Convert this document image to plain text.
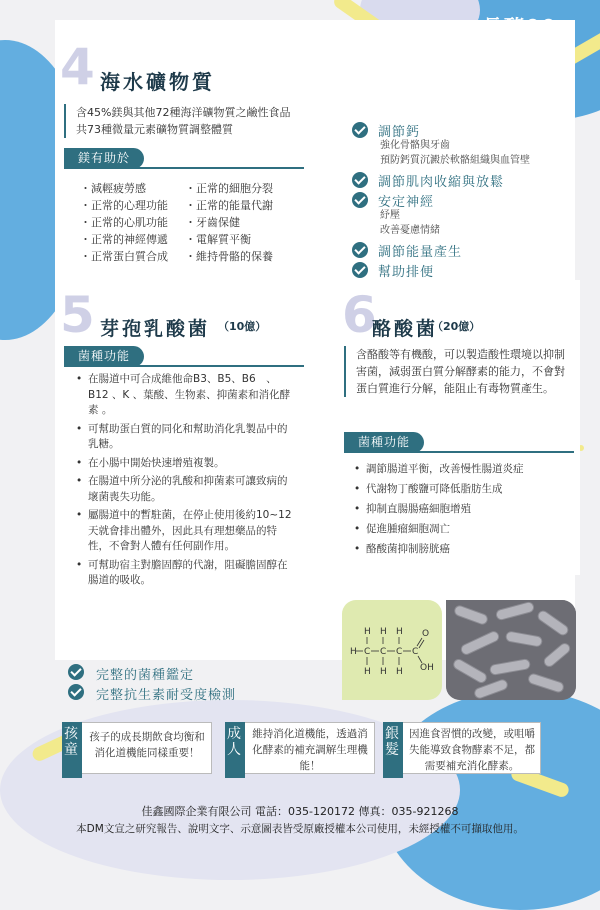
長酵99
有酵益菌
4 海水礦物質
含45%鎂與其他72種海洋礦物質之鹼性食品
共73種微量元素礦物質調整體質
鎂有助於
・減輕疲勞感
・正常的心理功能
・正常的心肌功能
・正常的神經傳遞
・正常蛋白質合成
・正常的細胞分裂
・正常的能量代謝
・牙齒保健
・電解質平衡
・維持骨骼的保養
調節鈣
強化骨骼與牙齒
預防鈣質沉澱於軟骼組織與血管壁
調節肌肉收縮與放鬆
安定神經
紓壓
改善憂慮情緒
調節能量產生
幫助排便
5 芽孢乳酸菌 （10億）
菌種功能
• 在腸道中可合成維他命B3、B5、B6　、B12 、K 、葉酸、生物素、抑菌素和消化酵素 。
• 可幫助蛋白質的同化和幫助消化乳製品中的乳糖。
• 在小腸中開始快速增殖複製。
• 在腸道中所分泌的乳酸和抑菌素可讓致病的壞菌喪失功能。
• 屬腸道中的暫駐菌，在停止使用後約10~12天就會排出體外，因此具有理想藥品的特性，不會對人體有任何副作用。
• 可幫助宿主對膽固醇的代謝，阻礙膽固醇在腸道的吸收。
6
酪酸菌
（20億）
含酪酸等有機酸，可以製造酸性環境以抑制害菌，減弱蛋白質分解酵素的能力，不會對蛋白質進行分解，能阻止有毒物質產生。
菌種功能
• 調節腸道平衡，改善慢性腸道炎症
• 代謝物丁酸鹽可降低脂肪生成
• 抑制直腸腸癌細胞增殖
• 促進腫瘤細胞凋亡
• 酪酸菌抑制膀胱癌
H H H
H C C C C
H H H
O
OH
完整的菌種鑑定
完整抗生素耐受度檢測
孩童
孩子的成長期飲食均衡和消化道機能同樣重要！
成人
維持消化道機能，透過消化酵素的補充調解生理機能！
銀髮
因進食習慣的改變，或咀嚼失能導致食物酵素不足，都需要補充消化酵素。
佳鑫國際企業有限公司 電話：035-120172 傳真：035-921268
本DM文宣之研究報告、說明文字、示意圖表皆受原廠授權本公司使用，未經授權不可擷取他用。
